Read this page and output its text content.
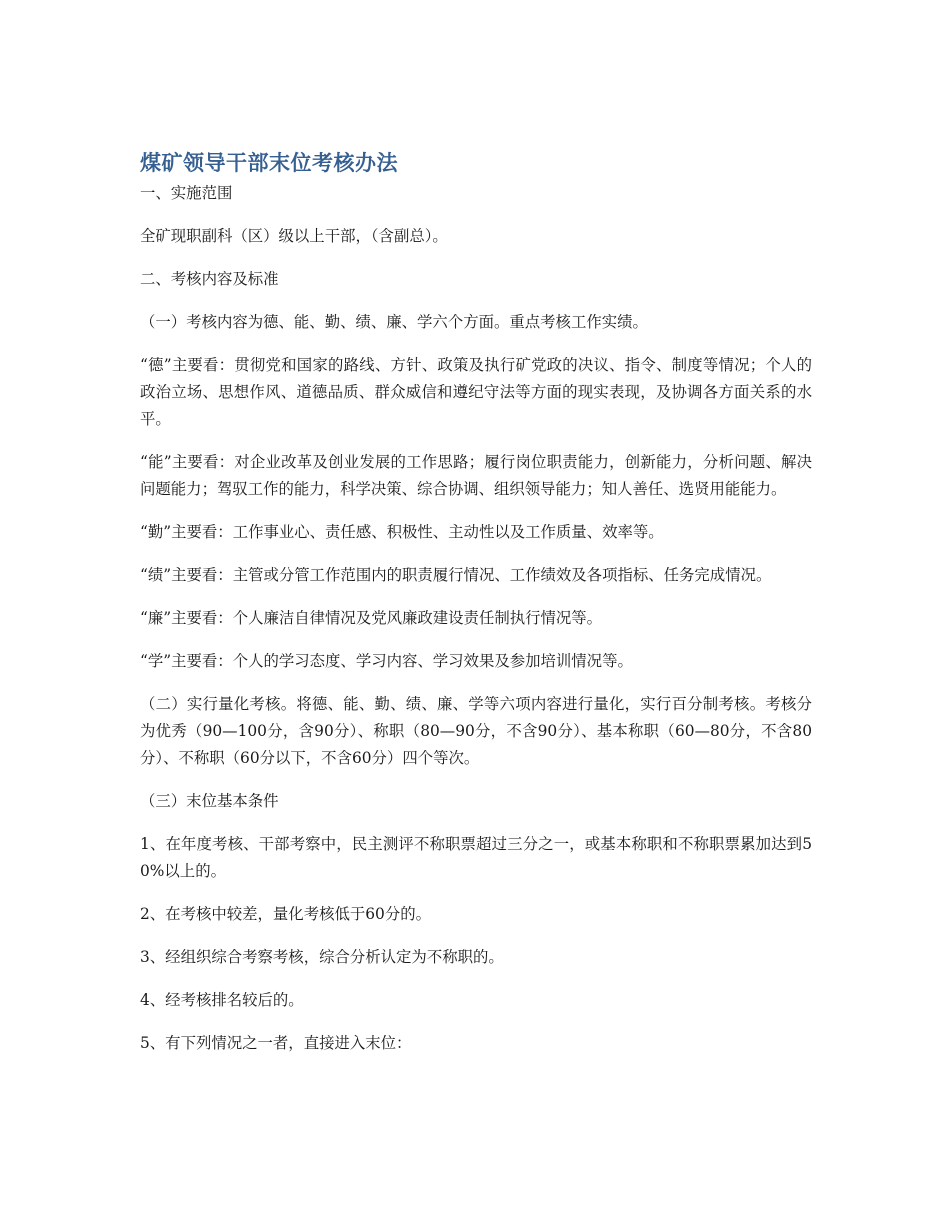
煤矿领导干部末位考核办法

一、实施范围

全矿现职副科（区）级以上干部，（含副总）。

二、考核内容及标准

（一）考核内容为德、能、勤、绩、廉、学六个方面。重点考核工作实绩。

“德”主要看：贯彻党和国家的路线、方针、政策及执行矿党政的决议、指令、制度等情况；个人的政治立场、思想作风、道德品质、群众威信和遵纪守法等方面的现实表现，及协调各方面关系的水平。

“能”主要看：对企业改革及创业发展的工作思路；履行岗位职责能力，创新能力，分析问题、解决问题能力；驾驭工作的能力，科学决策、综合协调、组织领导能力；知人善任、选贤用能能力。

“勤”主要看：工作事业心、责任感、积极性、主动性以及工作质量、效率等。

“绩”主要看：主管或分管工作范围内的职责履行情况、工作绩效及各项指标、任务完成情况。

“廉”主要看：个人廉洁自律情况及党风廉政建设责任制执行情况等。

“学”主要看：个人的学习态度、学习内容、学习效果及参加培训情况等。

（二）实行量化考核。将德、能、勤、绩、廉、学等六项内容进行量化，实行百分制考核。考核分为优秀（90—100分，含90分）、称职（80—90分，不含90分）、基本称职（60—80分，不含80分）、不称职（60分以下，不含60分）四个等次。

（三）末位基本条件

1、在年度考核、干部考察中，民主测评不称职票超过三分之一，或基本称职和不称职票累加达到50%以上的。

2、在考核中较差，量化考核低于60分的。

3、经组织综合考察考核，综合分析认定为不称职的。

4、经考核排名较后的。

5、有下列情况之一者，直接进入末位：
